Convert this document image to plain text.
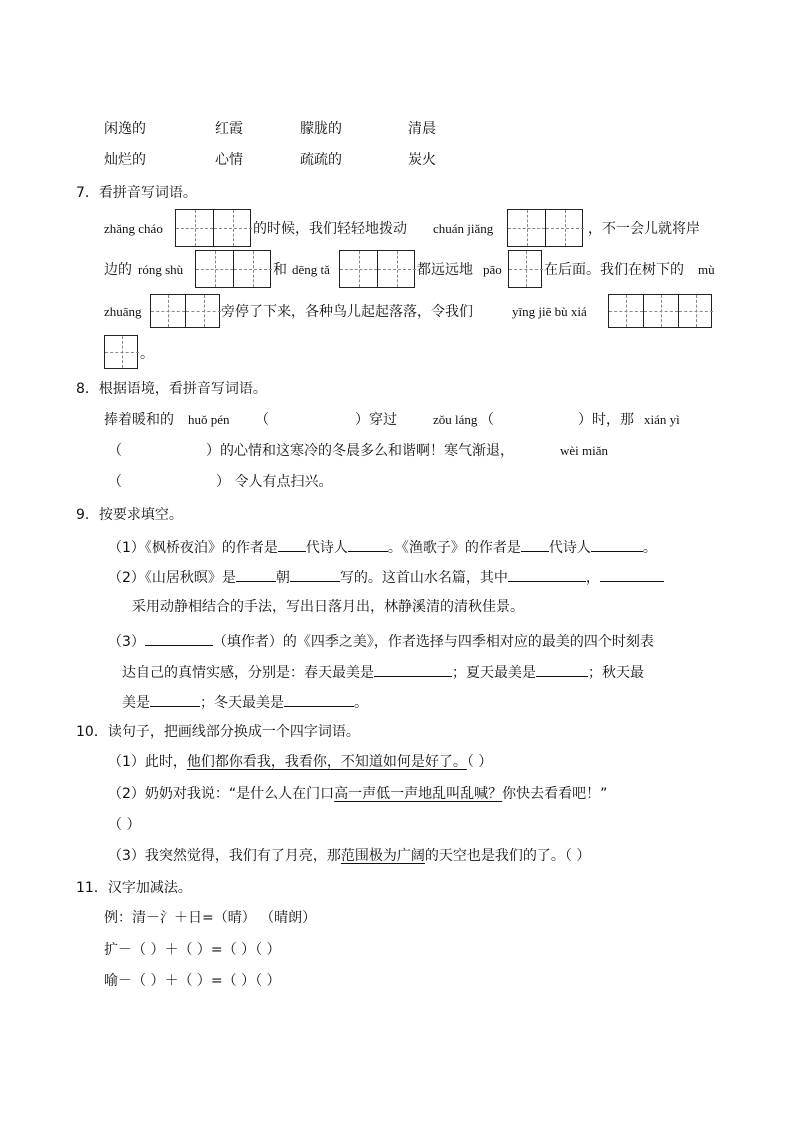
闲逸的	红霞	朦胧的	清晨
灿烂的	心情	疏疏的	炭火
7．看拼音写词语。
zhǎng cháo	的时候，我们轻轻地拨动 chuán jiǎng	，不一会儿就将岸
边的 róng shù	和 dēng tǎ	都远远地 pāo	在后面。我们在树下的 mù
zhuāng	旁停了下来，各种鸟儿起起落落，令我们	yīng jiē bù xiá
。
8．根据语境，看拼音写词语。
捧着暖和的 huǒ pén （	）穿过	zǒu láng （	）时，那 xián yì
（	）的心情和这寒冷的冬晨多么和谐啊！寒气渐退，	wèi miǎn
（	） 令人有点扫兴。
9．按要求填空。
（1）《枫桥夜泊》的作者是 代诗人	。《渔歌子》的作者是 代诗人	。
（2）《山居秋暝》是	朝	写的。这首山水名篇，其中	，
采用动静相结合的手法，写出日落月出，林静溪清的清秋佳景。
（3）	（填作者）的《四季之美》，作者选择与四季相对应的最美的四个时刻表
达自己的真情实感，分别是：春天最美是	；夏天最美是	；秋天最
美是	；冬天最美是	。
10．读句子，把画线部分换成一个四字词语。
（1）此时，他们都你看我，我看你，不知道如何是好了。（ ）
（2）奶奶对我说：“是什么人在门口高一声低一声地乱叫乱喊？你快去看看吧！”
（ ）
（3）我突然觉得，我们有了月亮，那范围极为广阔的天空也是我们的了。（ ）
11．汉字加减法。
例：清－氵＋日=（晴） （晴朗）
扩－（ ）＋（ ）=（ ）（ ）
喻－（ ）＋（ ）=（ ）（ ）
